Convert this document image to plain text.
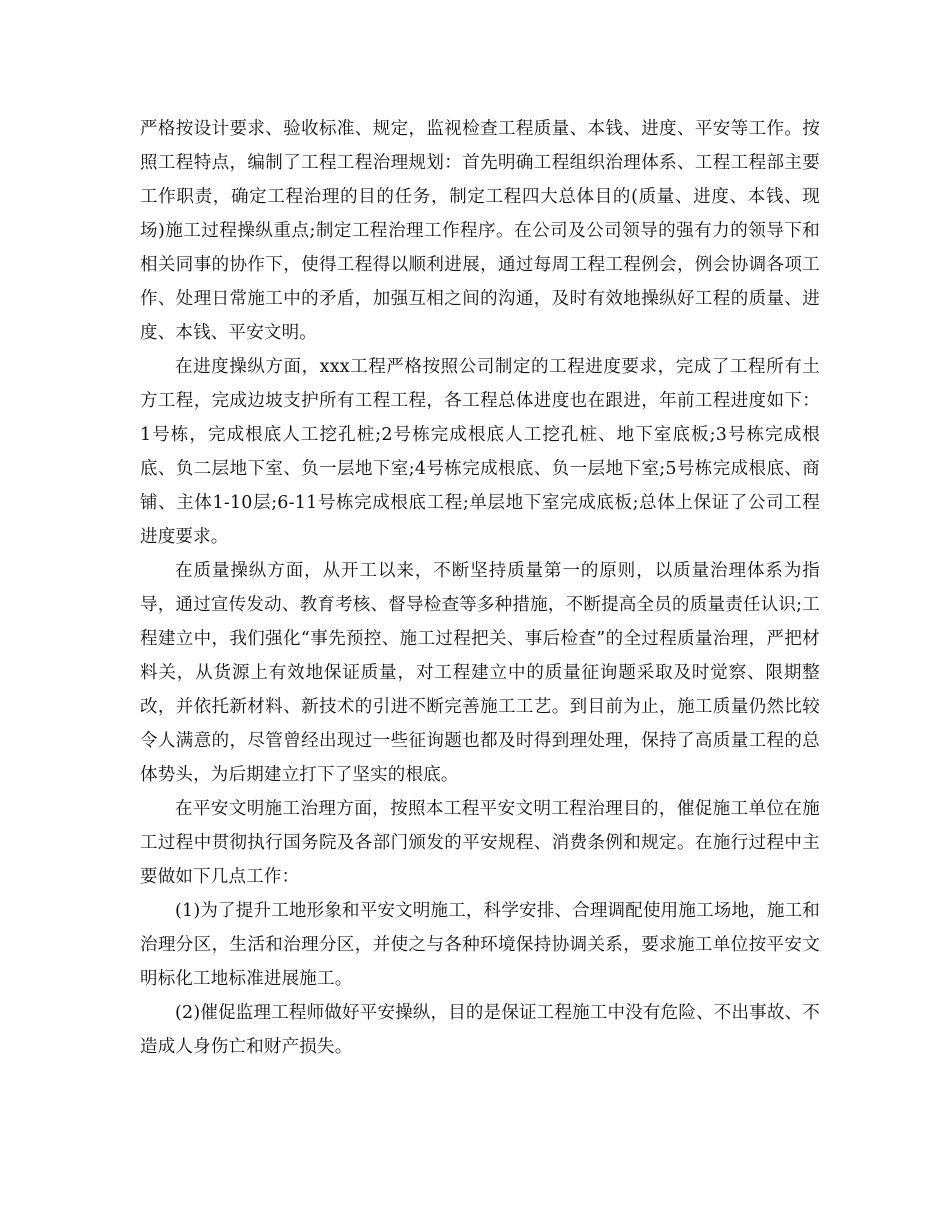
严格按设计要求、验收标准、规定，监视检查工程质量、本钱、进度、平安等工作。按照工程特点，编制了工程工程治理规划：首先明确工程组织治理体系、工程工程部主要工作职责，确定工程治理的目的任务，制定工程四大总体目的(质量、进度、本钱、现场)施工过程操纵重点;制定工程治理工作程序。在公司及公司领导的强有力的领导下和相关同事的协作下，使得工程得以顺利进展，通过每周工程工程例会，例会协调各项工作、处理日常施工中的矛盾，加强互相之间的沟通，及时有效地操纵好工程的质量、进度、本钱、平安文明。

在进度操纵方面，xxx工程严格按照公司制定的工程进度要求，完成了工程所有土方工程，完成边坡支护所有工程工程，各工程总体进度也在跟进，年前工程进度如下：1号栋，完成根底人工挖孔桩;2号栋完成根底人工挖孔桩、地下室底板;3号栋完成根底、负二层地下室、负一层地下室;4号栋完成根底、负一层地下室;5号栋完成根底、商铺、主体1-10层;6-11号栋完成根底工程;单层地下室完成底板;总体上保证了公司工程进度要求。

在质量操纵方面，从开工以来，不断坚持质量第一的原则，以质量治理体系为指导，通过宣传发动、教育考核、督导检查等多种措施，不断提高全员的质量责任认识;工程建立中，我们强化“事先预控、施工过程把关、事后检查”的全过程质量治理，严把材料关，从货源上有效地保证质量，对工程建立中的质量征询题采取及时觉察、限期整改，并依托新材料、新技术的引进不断完善施工工艺。到目前为止，施工质量仍然比较令人满意的，尽管曾经出现过一些征询题也都及时得到理处理，保持了高质量工程的总体势头，为后期建立打下了坚实的根底。

在平安文明施工治理方面，按照本工程平安文明工程治理目的，催促施工单位在施工过程中贯彻执行国务院及各部门颁发的平安规程、消费条例和规定。在施行过程中主要做如下几点工作：

(1)为了提升工地形象和平安文明施工，科学安排、合理调配使用施工场地，施工和治理分区，生活和治理分区，并使之与各种环境保持协调关系，要求施工单位按平安文明标化工地标准进展施工。

(2)催促监理工程师做好平安操纵，目的是保证工程施工中没有危险、不出事故、不造成人身伤亡和财产损失。
